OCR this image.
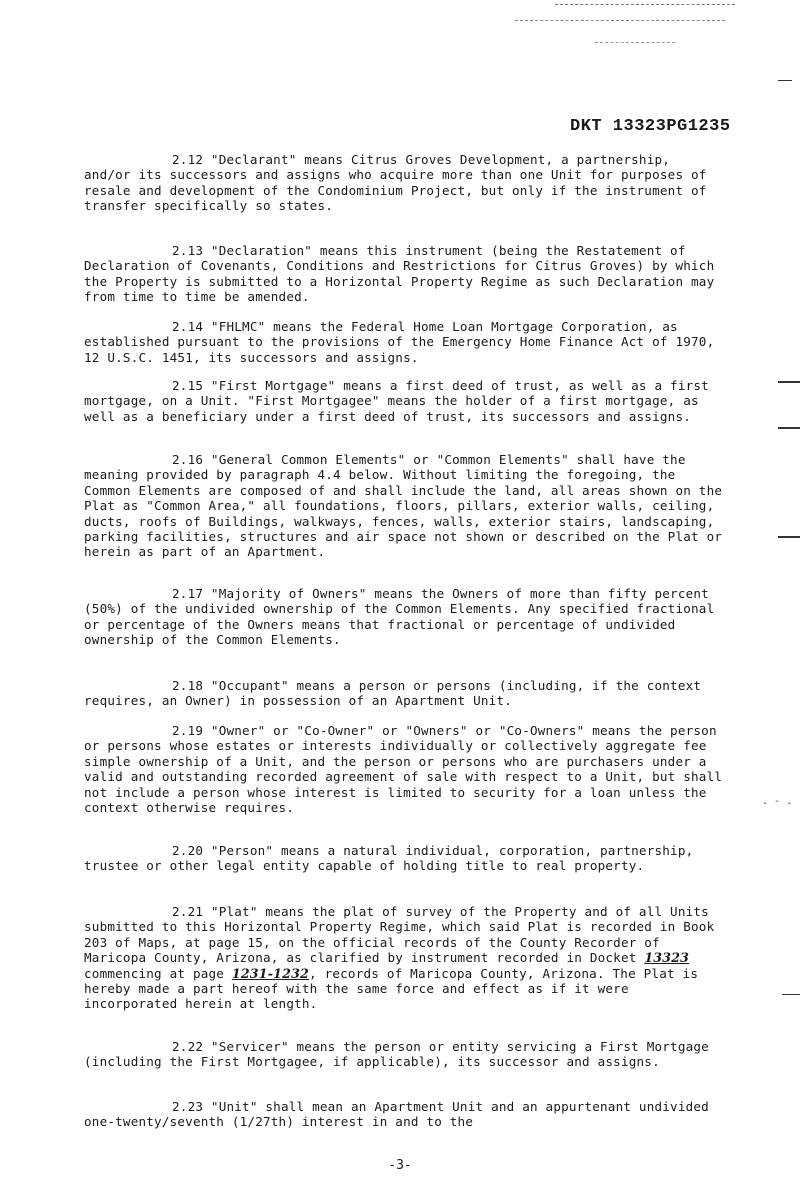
DKT 13323PG1235

2.12 "Declarant" means Citrus Groves Development, a partnership, and/or its successors and assigns who acquire more than one Unit for purposes of resale and development of the Condominium Project, but only if the instrument of transfer specifically so states.

2.13 "Declaration" means this instrument (being the Restatement of Declaration of Covenants, Conditions and Restrictions for Citrus Groves) by which the Property is submitted to a Horizontal Property Regime as such Declaration may from time to time be amended.

2.14 "FHLMC" means the Federal Home Loan Mortgage Corporation, as established pursuant to the provisions of the Emergency Home Finance Act of 1970, 12 U.S.C. 1451, its successors and assigns.

2.15 "First Mortgage" means a first deed of trust, as well as a first mortgage, on a Unit. "First Mortgagee" means the holder of a first mortgage, as well as a beneficiary under a first deed of trust, its successors and assigns.

2.16 "General Common Elements" or "Common Elements" shall have the meaning provided by paragraph 4.4 below. Without limiting the foregoing, the Common Elements are composed of and shall include the land, all areas shown on the Plat as "Common Area," all foundations, floors, pillars, exterior walls, ceiling, ducts, roofs of Buildings, walkways, fences, walls, exterior stairs, landscaping, parking facilities, structures and air space not shown or described on the Plat or herein as part of an Apartment.

2.17 "Majority of Owners" means the Owners of more than fifty percent (50%) of the undivided ownership of the Common Elements. Any specified fractional or percentage of the Owners means that fractional or percentage of undivided ownership of the Common Elements.

2.18 "Occupant" means a person or persons (including, if the context requires, an Owner) in possession of an Apartment Unit.

2.19 "Owner" or "Co-Owner" or "Owners" or "Co-Owners" means the person or persons whose estates or interests individually or collectively aggregate fee simple ownership of a Unit, and the person or persons who are purchasers under a valid and outstanding recorded agreement of sale with respect to a Unit, but shall not include a person whose interest is limited to security for a loan unless the context otherwise requires.

2.20 "Person" means a natural individual, corporation, partnership, trustee or other legal entity capable of holding title to real property.

2.21 "Plat" means the plat of survey of the Property and of all Units submitted to this Horizontal Property Regime, which said Plat is recorded in Book 203 of Maps, at page 15, on the official records of the County Recorder of Maricopa County, Arizona, as clarified by instrument recorded in Docket 13323 commencing at page 1231-1232, records of Maricopa County, Arizona. The Plat is hereby made a part hereof with the same force and effect as if it were incorporated herein at length.

2.22 "Servicer" means the person or entity servicing a First Mortgage (including the First Mortgagee, if applicable), its successor and assigns.

2.23 "Unit" shall mean an Apartment Unit and an appurtenant undivided one-twenty/seventh (1/27th) interest in and to the

. - .
-3-
